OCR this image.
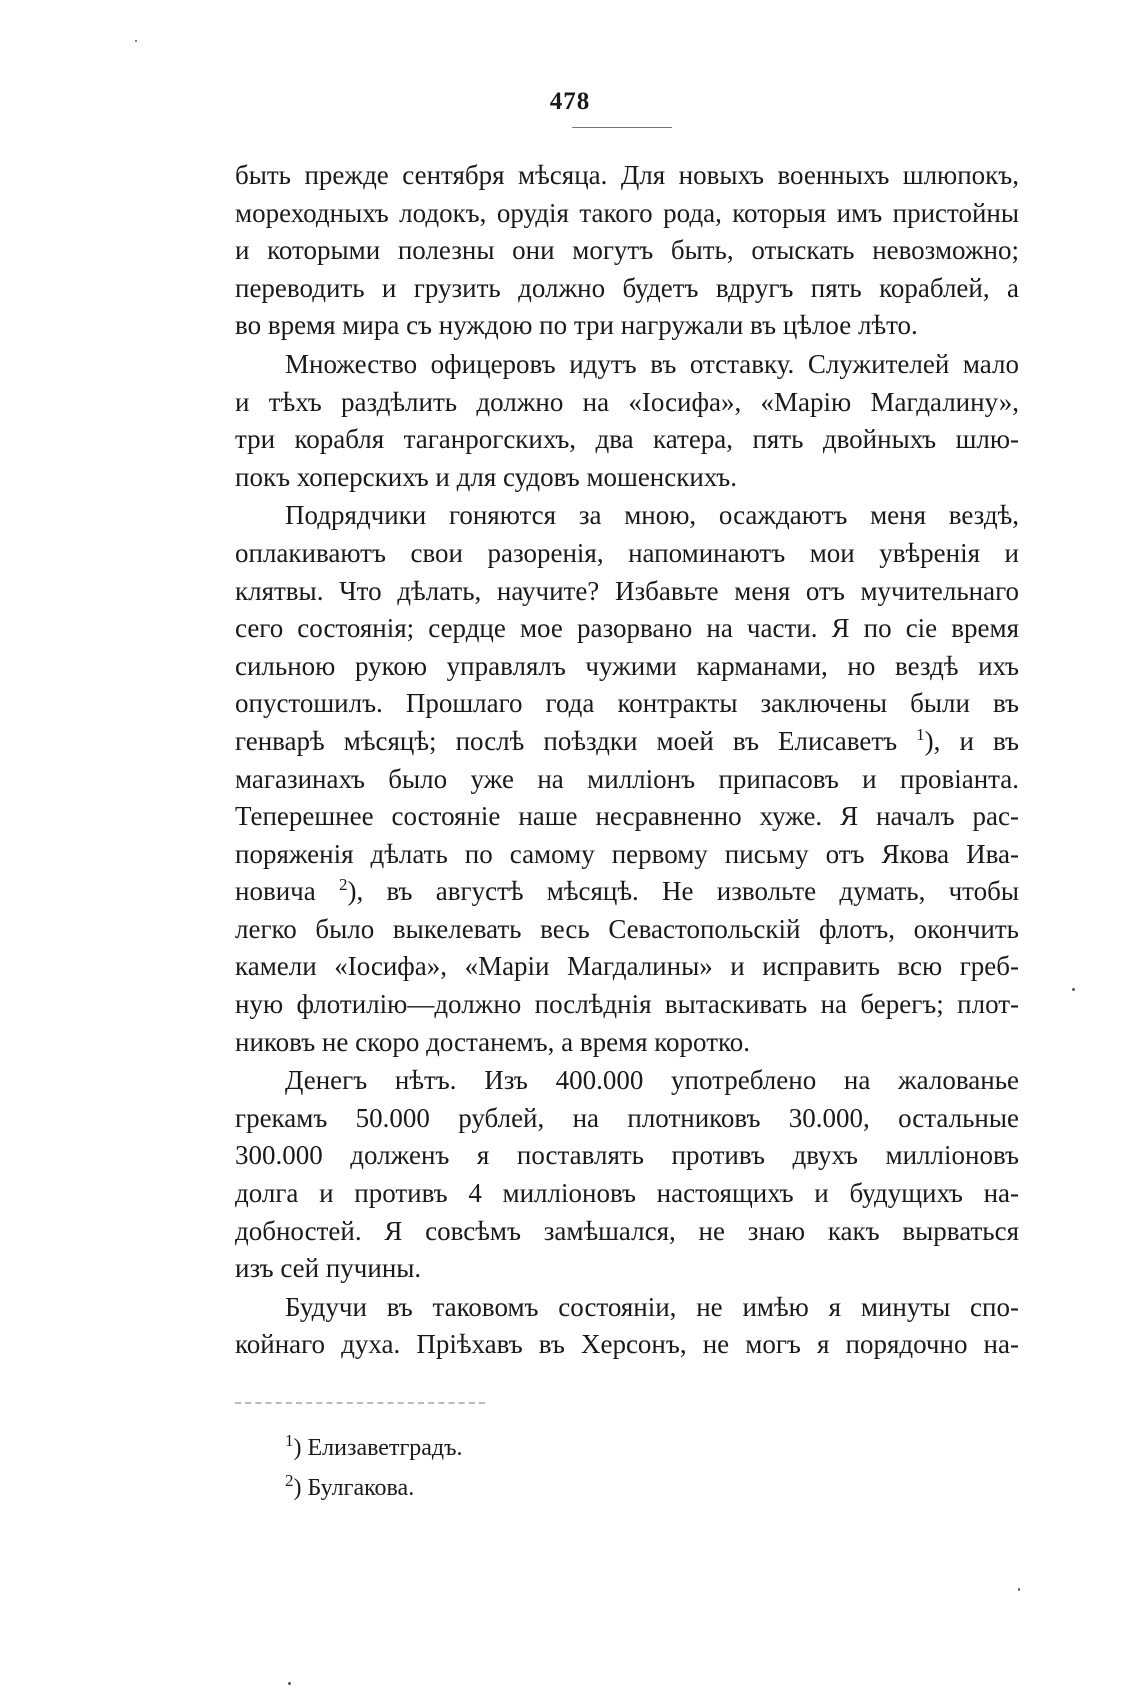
478
быть прежде сентября мѣсяца. Для новыхъ военныхъ шлюпокъ,
мореходныхъ лодокъ, орудія такого рода, которыя имъ пристойны
и которыми полезны они могутъ быть, отыскать невозможно;
переводить и грузить должно будетъ вдругъ пять кораблей, а
во время мира съ нуждою по три нагружали въ цѣлое лѣто.
Множество офицеровъ идутъ въ отставку. Служителей мало
и тѣхъ раздѣлить должно на «Іосифа», «Марію Магдалину»,
три корабля таганрогскихъ, два катера, пять двойныхъ шлю-
покъ хоперскихъ и для судовъ мошенскихъ.
Подрядчики гоняются за мною, осаждаютъ меня вездѣ,
оплакиваютъ свои разоренія, напоминаютъ мои увѣренія и
клятвы. Что дѣлать, научите? Избавьте меня отъ мучительнаго
сего состоянія; сердце мое разорвано на части. Я по сіе время
сильною рукою управлялъ чужими карманами, но вездѣ ихъ
опустошилъ. Прошлаго года контракты заключены были въ
генварѣ мѣсяцѣ; послѣ поѣздки моей въ Елисаветъ $^1$), и въ
магазинахъ было уже на милліонъ припасовъ и провіанта.
Теперешнее состояніе наше несравненно хуже. Я началъ рас-
поряженія дѣлать по самому первому письму отъ Якова Ива-
новича $^2$), въ августѣ мѣсяцѣ. Не извольте думать, чтобы
легко было выкелевать весь Севастопольскій флотъ, окончить
камели «Іосифа», «Маріи Магдалины» и исправить всю греб-
ную флотилію—должно послѣднія вытаскивать на берегъ; плот-
никовъ не скоро достанемъ, а время коротко.
Денегъ нѣтъ. Изъ 400.000 употреблено на жалованье
грекамъ 50.000 рублей, на плотниковъ 30.000, остальные
300.000 долженъ я поставлять противъ двухъ милліоновъ
долга и противъ 4 милліоновъ настоящихъ и будущихъ на-
добностей. Я совсѣмъ замѣшался, не знаю какъ вырваться
изъ сей пучины.
Будучи въ таковомъ состояніи, не имѣю я минуты спо-
койнаго духа. Пріѣхавъ въ Херсонъ, не могъ я порядочно на-
$^1$) Елизаветградъ.
$^2$) Булгакова.
